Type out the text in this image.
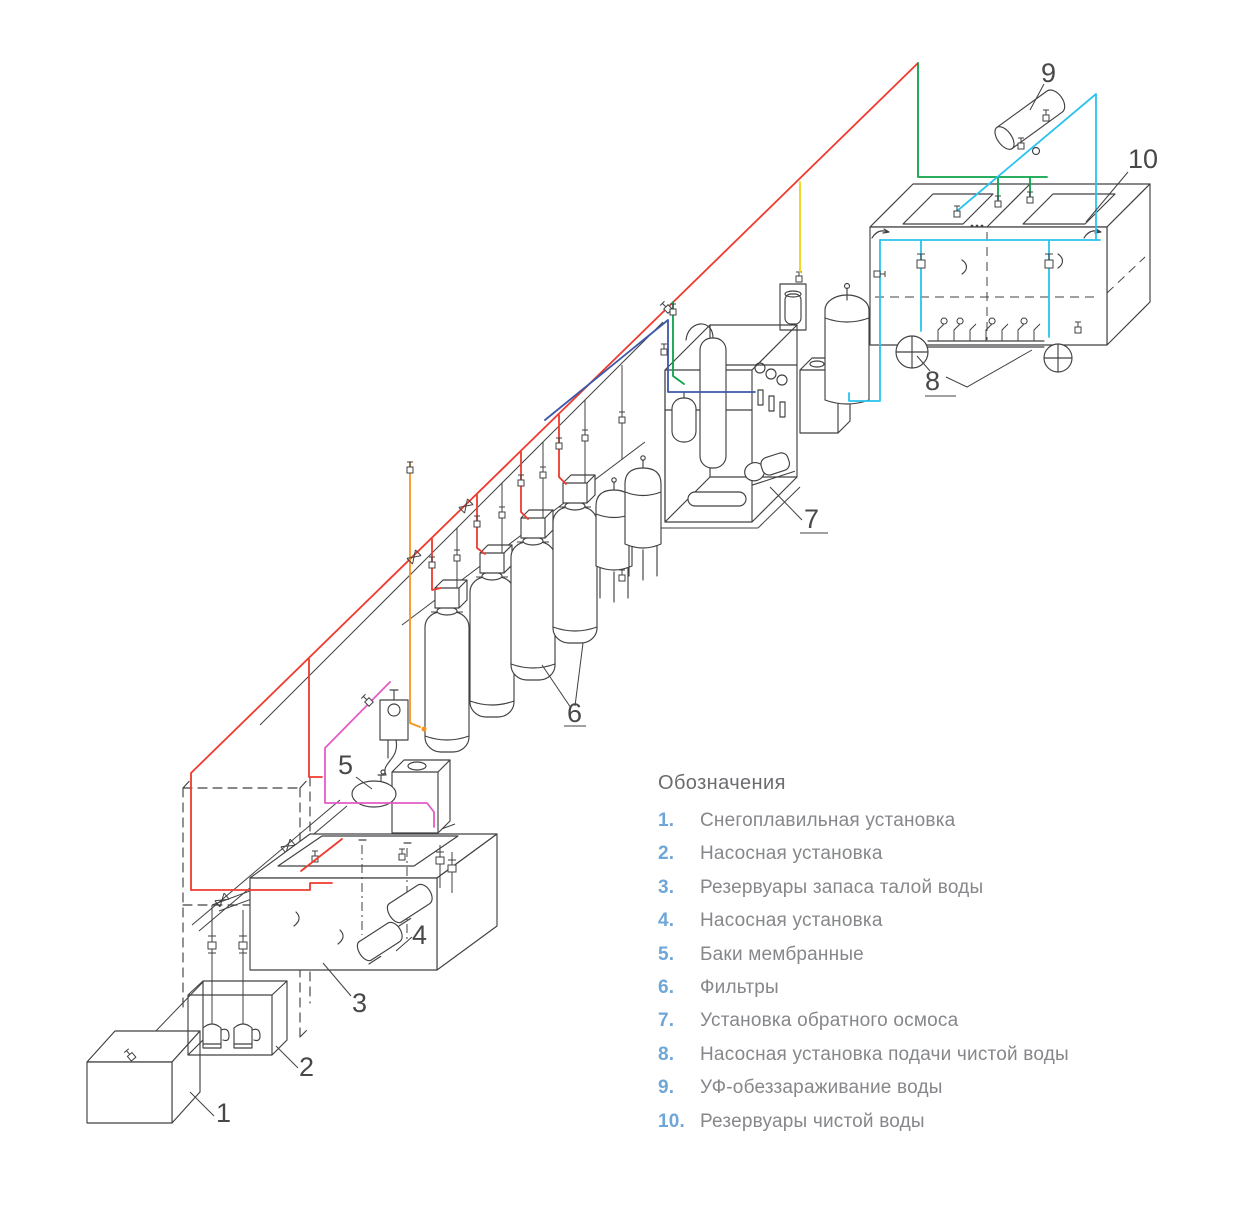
1
2
3
4
5
6
7
8
9
10
Обозначения
1.	Снегоплавильная установка
2.	Насосная установка
3.	Резервуары запаса талой воды
4.	Насосная установка
5.	Баки мембранные
6.	Фильтры
7.	Установка обратного осмоса
8.	Насосная установка подачи чистой воды
9.	УФ-обеззараживание воды
10. Резервуары чистой воды
